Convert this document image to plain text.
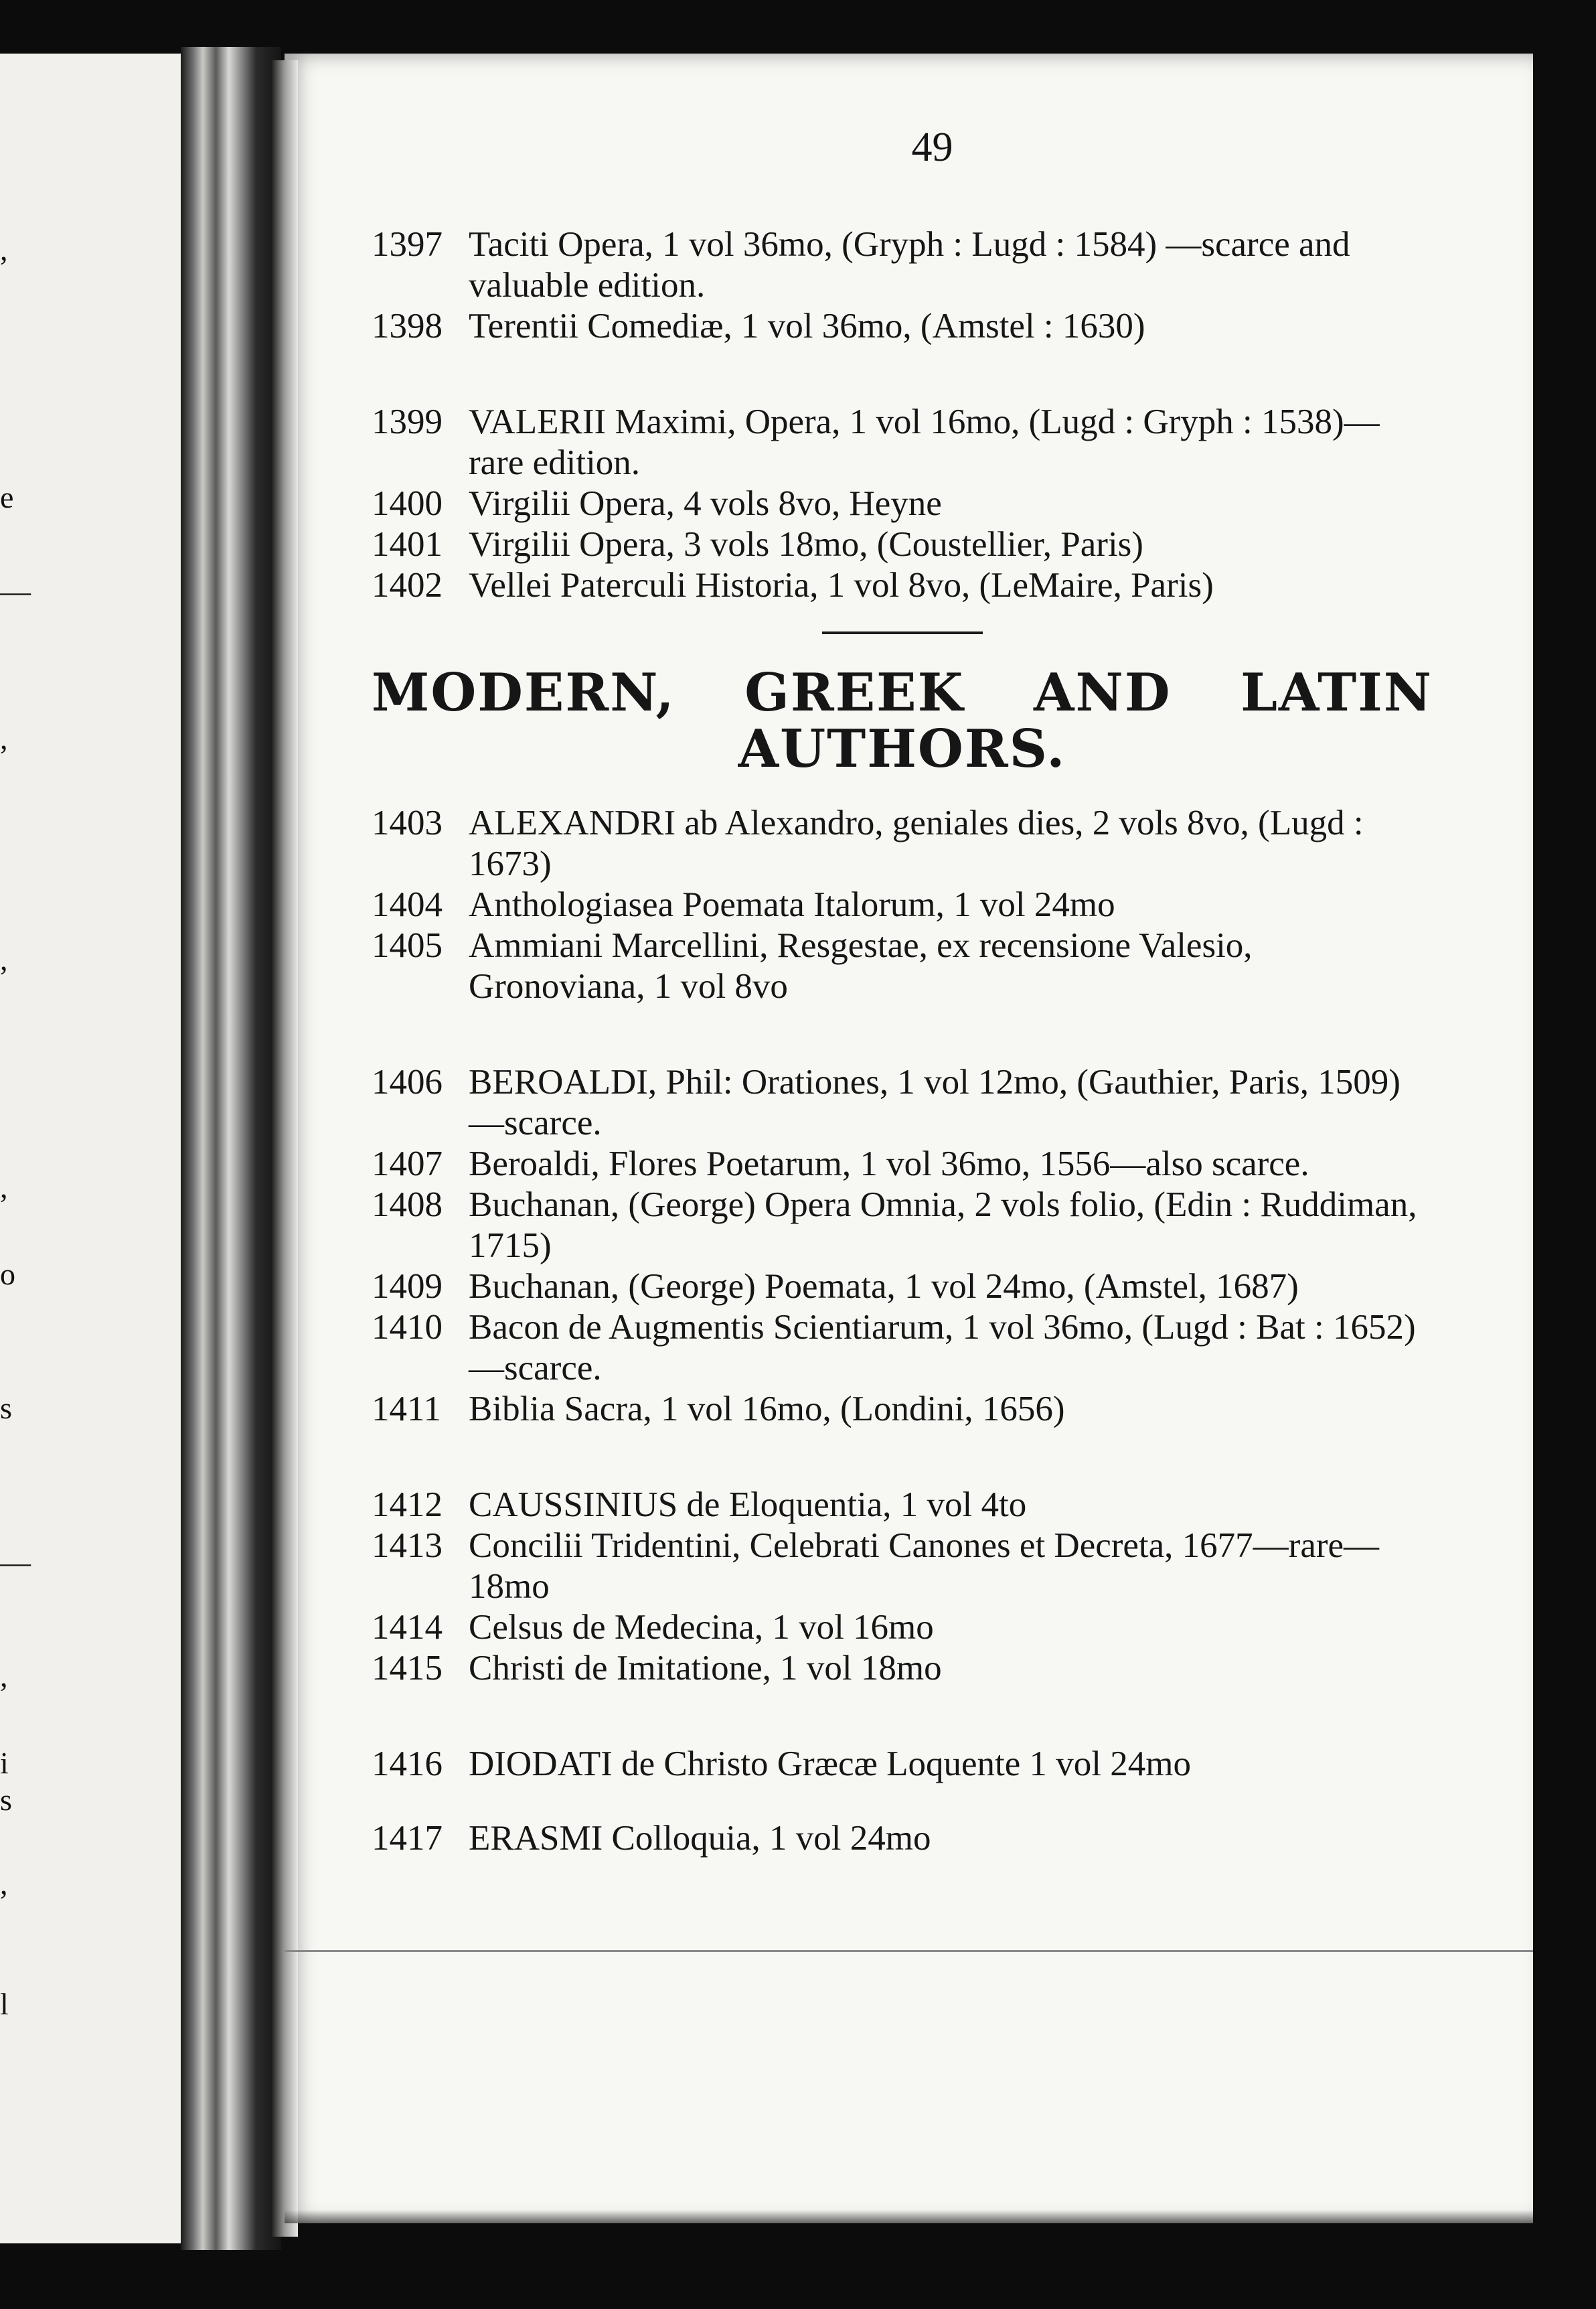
,
e
—
,
,
,
o
s
—
,
i
s
,
l
49

1397 Taciti Opera, 1 vol 36mo, (Gryph : Lugd : 1584) —scarce and valuable edition.

1398 Terentii Comediæ, 1 vol 36mo, (Amstel : 1630)

1399 VALERII Maximi, Opera, 1 vol 16mo, (Lugd : Gryph : 1538)—rare edition.

1400 Virgilii Opera, 4 vols 8vo, Heyne

1401 Virgilii Opera, 3 vols 18mo, (Coustellier, Paris)

1402 Vellei Paterculi Historia, 1 vol 8vo, (LeMaire, Paris)

MODERN, GREEK AND LATIN
AUTHORS.

1403 ALEXANDRI ab Alexandro, geniales dies, 2 vols 8vo, (Lugd : 1673)

1404 Anthologiasea Poemata Italorum, 1 vol 24mo

1405 Ammiani Marcellini, Resgestae, ex recensione Valesio, Gronoviana, 1 vol 8vo

1406 BEROALDI, Phil: Orationes, 1 vol 12mo, (Gauthier, Paris, 1509)—scarce.

1407 Beroaldi, Flores Poetarum, 1 vol 36mo, 1556—also scarce.

1408 Buchanan, (George) Opera Omnia, 2 vols folio, (Edin : Ruddiman, 1715)

1409 Buchanan, (George) Poemata, 1 vol 24mo, (Amstel, 1687)

1410 Bacon de Augmentis Scientiarum, 1 vol 36mo, (Lugd : Bat : 1652)—scarce.

1411 Biblia Sacra, 1 vol 16mo, (Londini, 1656)

1412 CAUSSINIUS de Eloquentia, 1 vol 4to

1413 Concilii Tridentini, Celebrati Canones et Decreta, 1677—rare—18mo

1414 Celsus de Medecina, 1 vol 16mo

1415 Christi de Imitatione, 1 vol 18mo

1416 DIODATI de Christo Græcæ Loquente 1 vol 24mo

1417 ERASMI Colloquia, 1 vol 24mo
